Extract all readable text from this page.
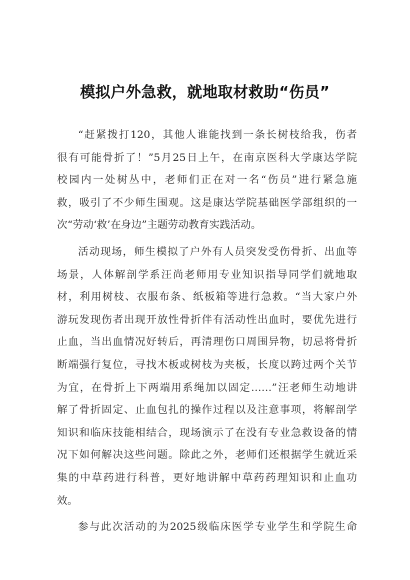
模拟户外急救，就地取材救助“伤员”
“赶紧拨打120，其他人谁能找到一条长树枝给我，伤者
很有可能骨折了！”5月25日上午，在南京医科大学康达学院
校园内一处树丛中，老师们正在对一名“伤员”进行紧急施
救，吸引了不少师生围观。这是康达学院基础医学部组织的一
次“劳动‘救’在身边”主题劳动教育实践活动。
活动现场，师生模拟了户外有人员突发受伤骨折、出血等
场景，人体解剖学系汪尚老师用专业知识指导同学们就地取
材，利用树枝、衣服布条、纸板箱等进行急救。“当大家户外
游玩发现伤者出现开放性骨折伴有活动性出血时，要优先进行
止血，当出血情况好转后，再清理伤口周围异物，切忌将骨折
断端强行复位，寻找木板或树枝为夹板，长度以跨过两个关节
为宜，在骨折上下两端用系绳加以固定……”汪老师生动地讲
解了骨折固定、止血包扎的操作过程以及注意事项，将解剖学
知识和临床技能相结合，现场演示了在没有专业急救设备的情
况下如何解决这些问题。除此之外，老师们还根据学生就近采
集的中草药进行科普，更好地讲解中草药药理知识和止血功
效。
参与此次活动的为2025级临床医学专业学生和学院生命
